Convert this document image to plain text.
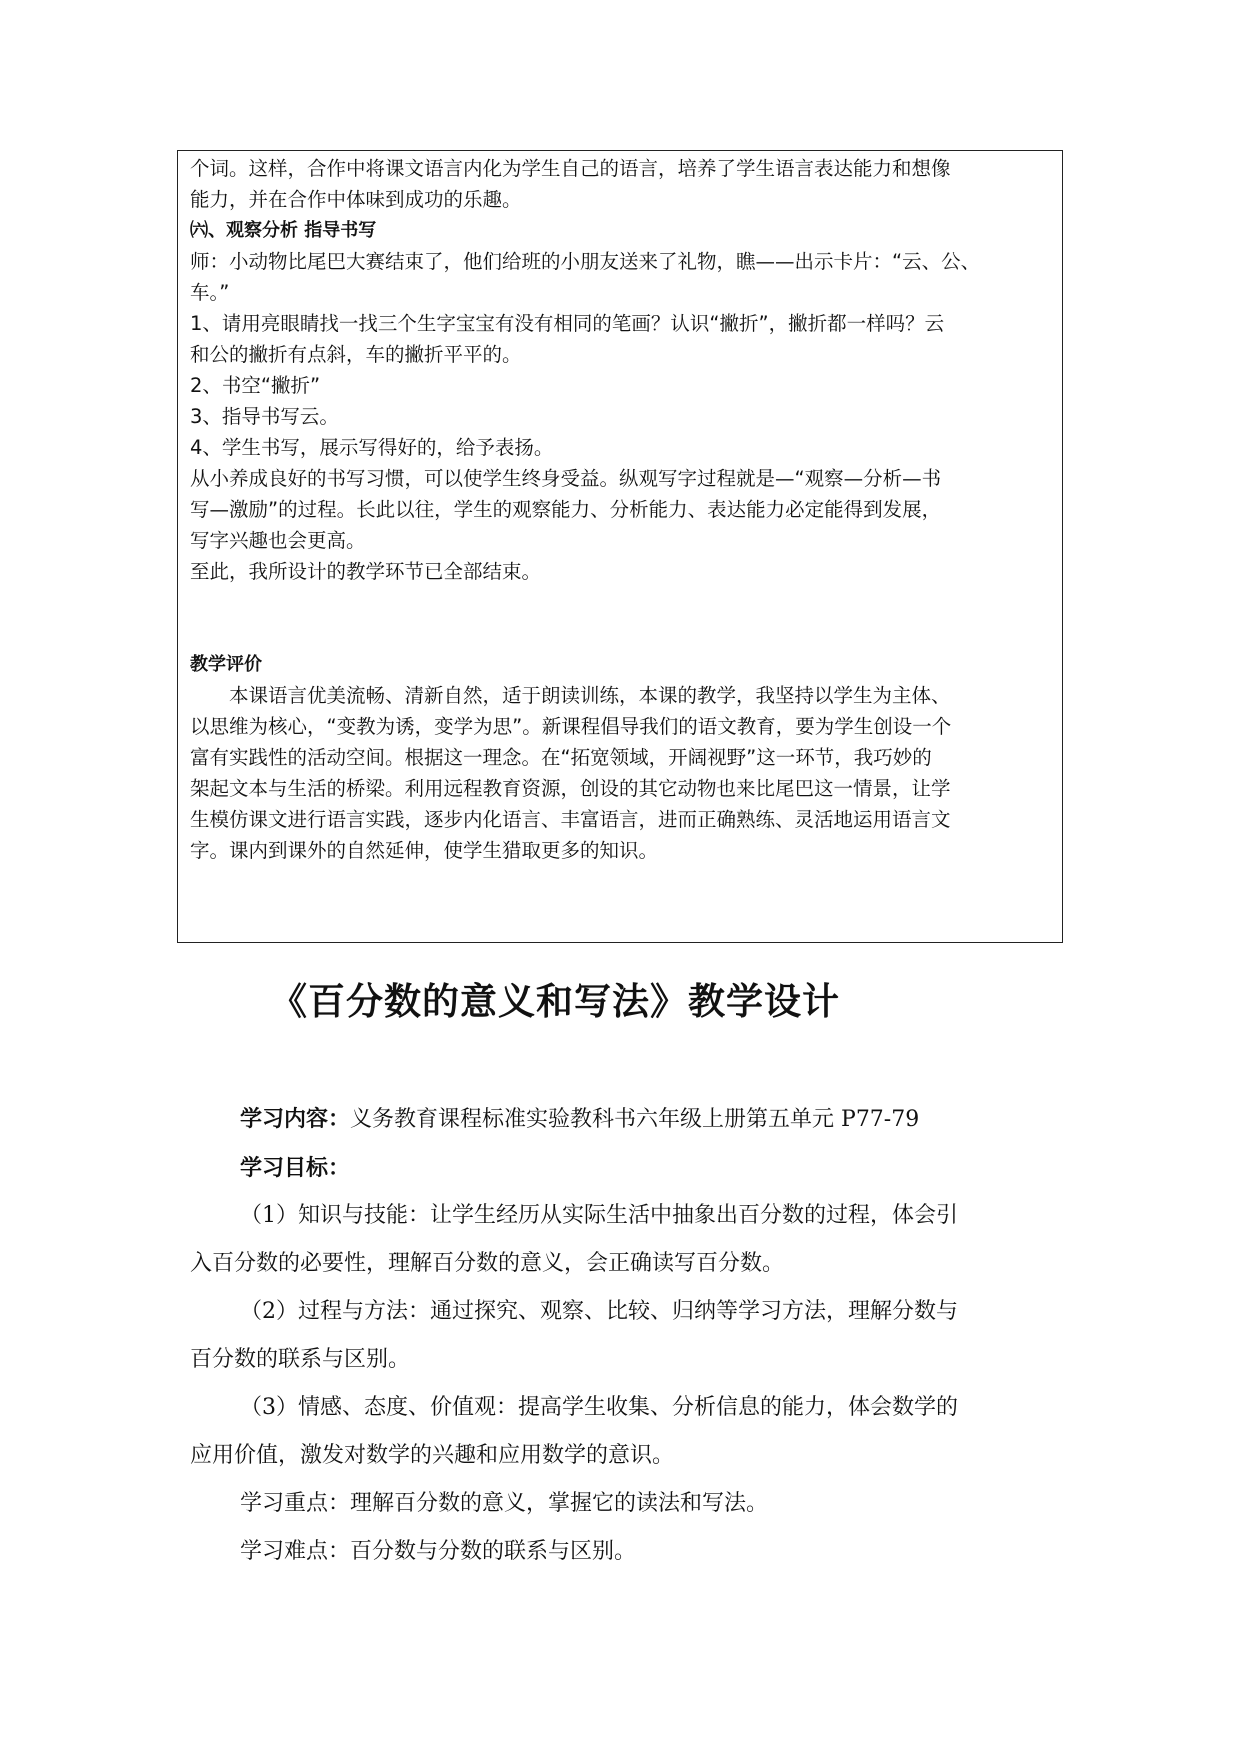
个词。这样，合作中将课文语言内化为学生自己的语言，培养了学生语言表达能力和想像

能力，并在合作中体味到成功的乐趣。

㈥、观察分析 指导书写

师：小动物比尾巴大赛结束了，他们给班的小朋友送来了礼物，瞧——出示卡片：“云、公、

车。”

1、请用亮眼睛找一找三个生字宝宝有没有相同的笔画？认识“撇折”，撇折都一样吗？云

和公的撇折有点斜，车的撇折平平的。

2、书空“撇折”

3、指导书写云。

4、学生书写，展示写得好的，给予表扬。

从小养成良好的书写习惯，可以使学生终身受益。纵观写字过程就是—“观察—分析—书

写—激励”的过程。长此以往，学生的观察能力、分析能力、表达能力必定能得到发展，

写字兴趣也会更高。

至此，我所设计的教学环节已全部结束。

教学评价

本课语言优美流畅、清新自然，适于朗读训练，本课的教学，我坚持以学生为主体、

以思维为核心，“变教为诱，变学为思”。新课程倡导我们的语文教育，要为学生创设一个

富有实践性的活动空间。根据这一理念。在“拓宽领域，开阔视野”这一环节，我巧妙的

架起文本与生活的桥梁。利用远程教育资源，创设的其它动物也来比尾巴这一情景，让学

生模仿课文进行语言实践，逐步内化语言、丰富语言，进而正确熟练、灵活地运用语言文

字。课内到课外的自然延伸，使学生猎取更多的知识。

《百分数的意义和写法》教学设计

学习内容：义务教育课程标准实验教科书六年级上册第五单元 P77-79

学习目标：

（1）知识与技能：让学生经历从实际生活中抽象出百分数的过程，体会引

入百分数的必要性，理解百分数的意义，会正确读写百分数。

（2）过程与方法：通过探究、观察、比较、归纳等学习方法，理解分数与

百分数的联系与区别。

（3）情感、态度、价值观：提高学生收集、分析信息的能力，体会数学的

应用价值，激发对数学的兴趣和应用数学的意识。

学习重点：理解百分数的意义，掌握它的读法和写法。

学习难点：百分数与分数的联系与区别。
